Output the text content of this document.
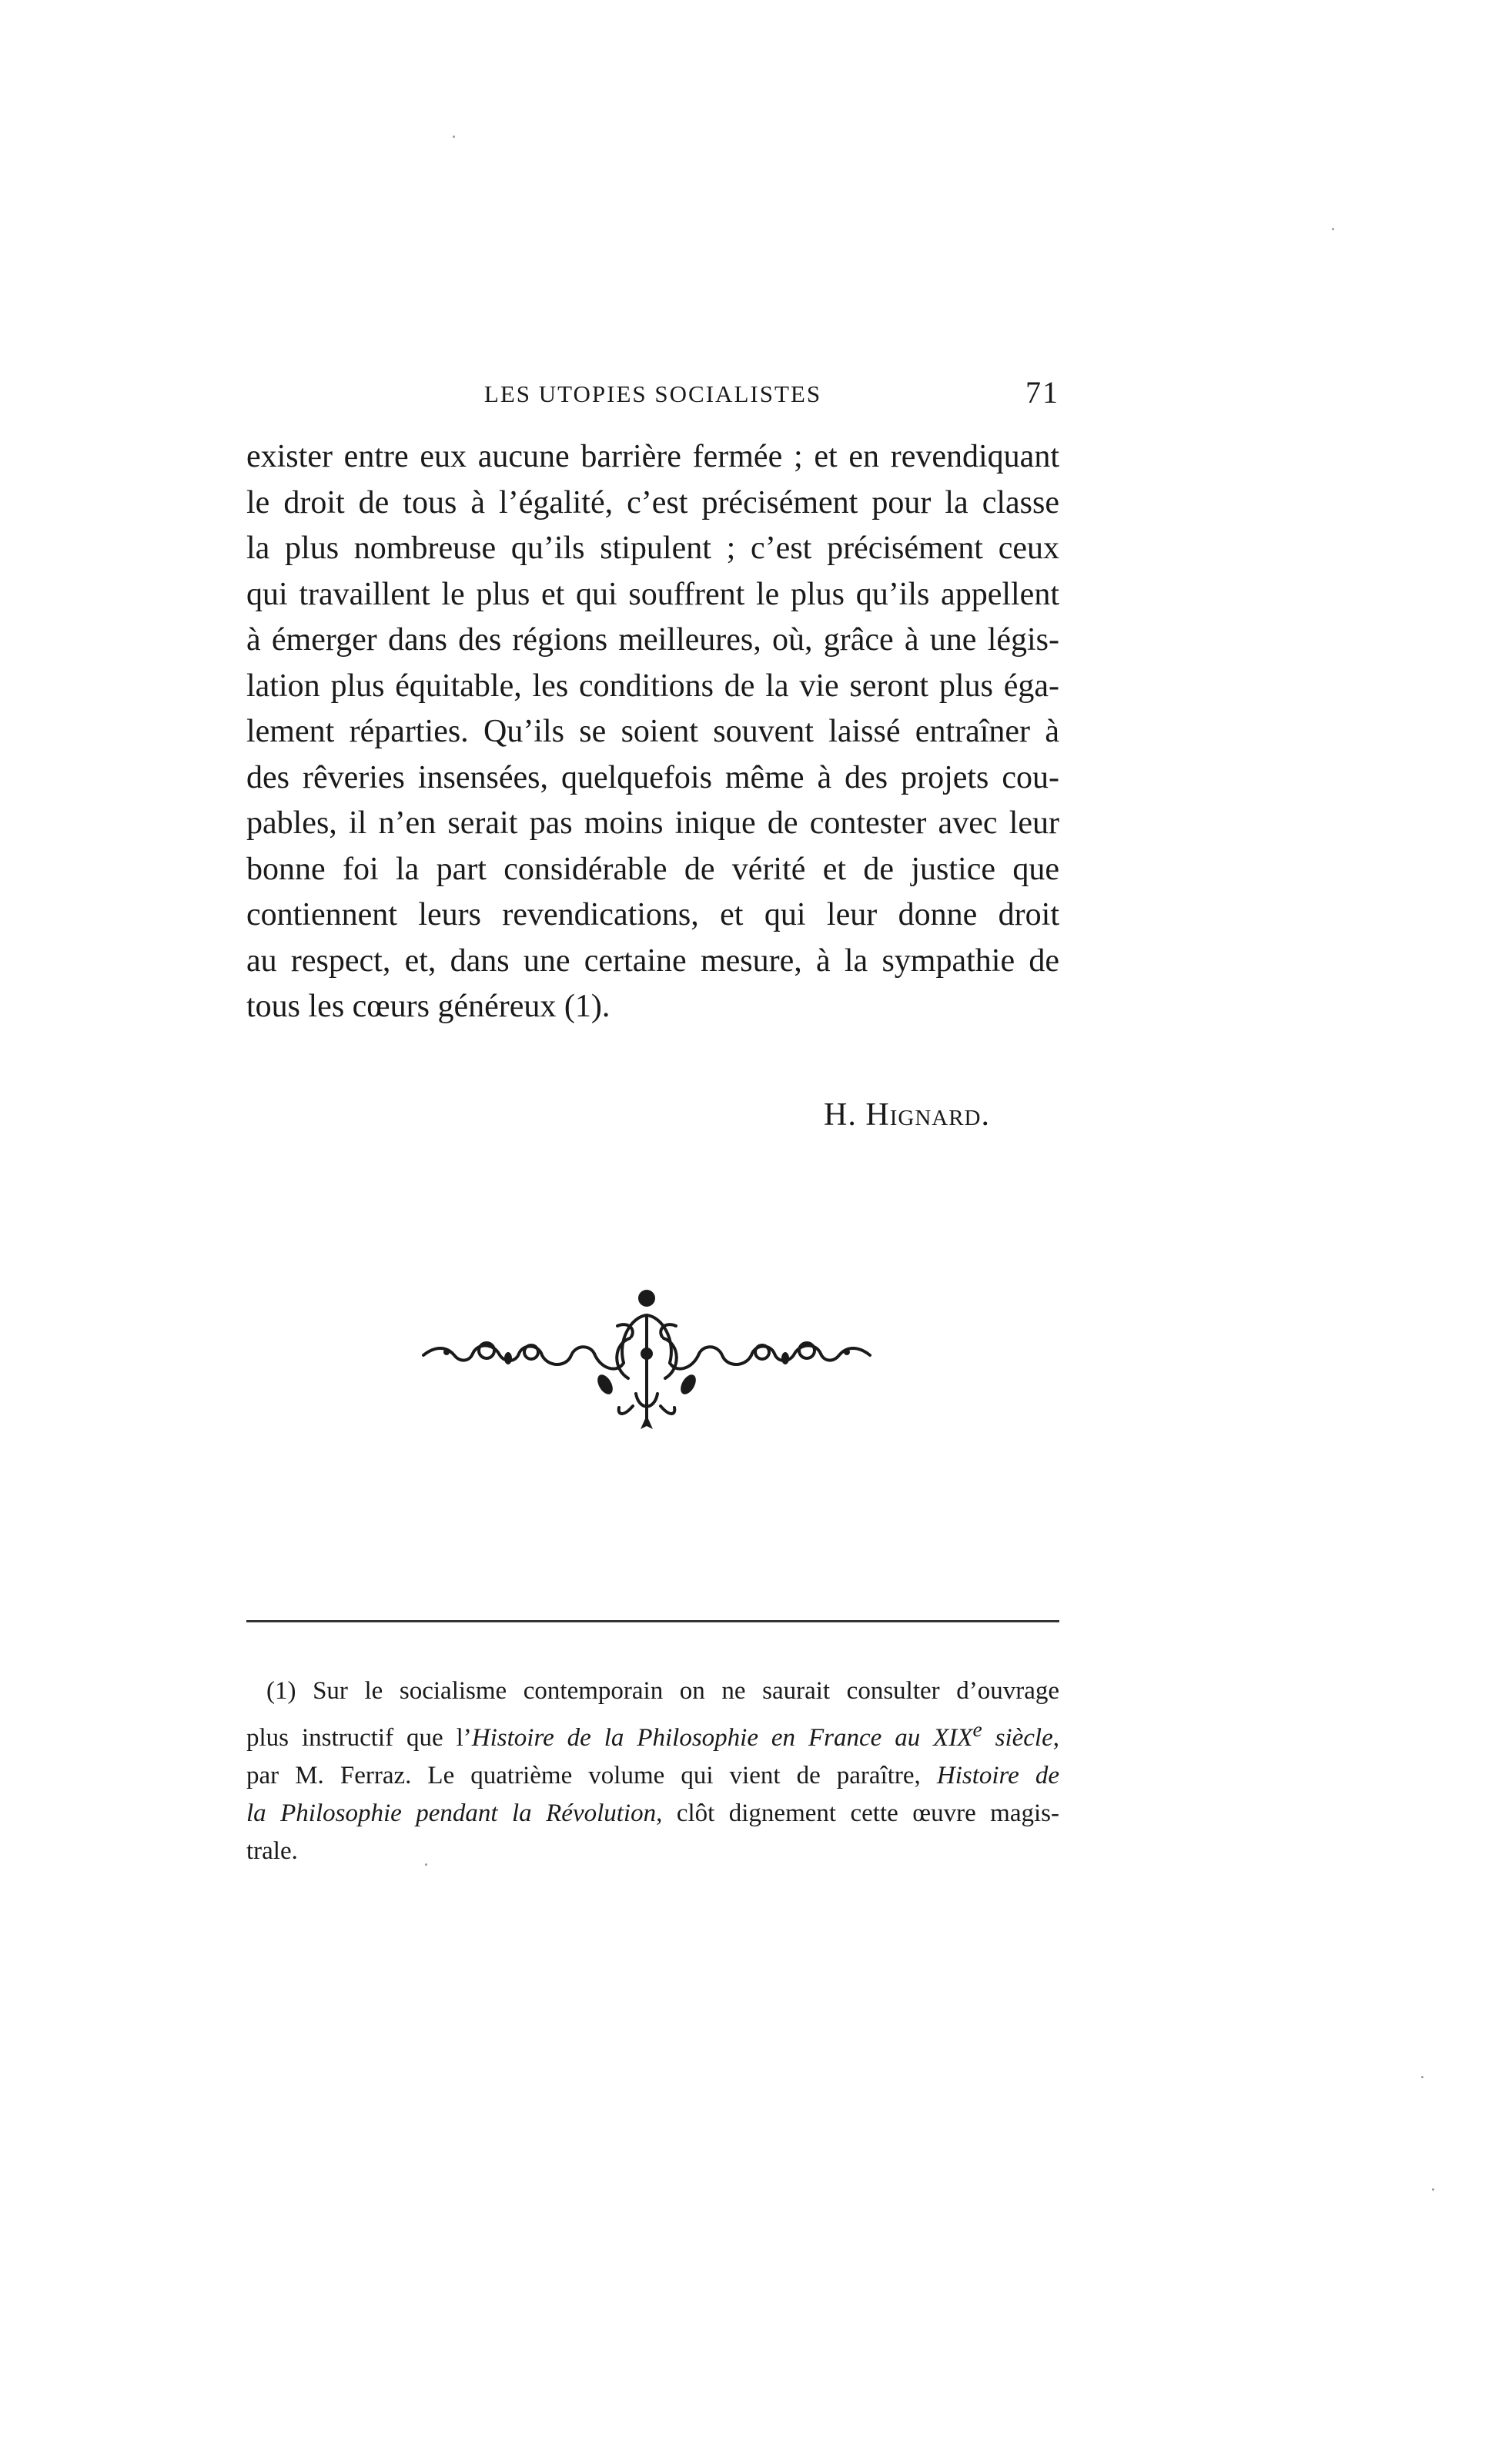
LES UTOPIES SOCIALISTES	71

exister entre eux aucune barrière fermée ; et en revendiquant
le droit de tous à l’égalité, c’est précisément pour la classe
la plus nombreuse qu’ils stipulent ; c’est précisément ceux
qui travaillent le plus et qui souffrent le plus qu’ils appellent
à émerger dans des régions meilleures, où, grâce à une légis-
lation plus équitable, les conditions de la vie seront plus éga-
lement réparties. Qu’ils se soient souvent laissé entraîner à
des rêveries insensées, quelquefois même à des projets cou-
pables, il n’en serait pas moins inique de contester avec leur
bonne foi la part considérable de vérité et de justice que
contiennent leurs revendications, et qui leur donne droit
au respect, et, dans une certaine mesure, à la sympathie de
tous les cœurs généreux (1).

H. Hignard.

(1) Sur le socialisme contemporain on ne saurait consulter d’ouvrage
plus instructif que l’Histoire de la Philosophie en France au XIXe siècle,
par M. Ferraz. Le quatrième volume qui vient de paraître, Histoire de
la Philosophie pendant la Révolution, clôt dignement cette œuvre magis-
trale.
